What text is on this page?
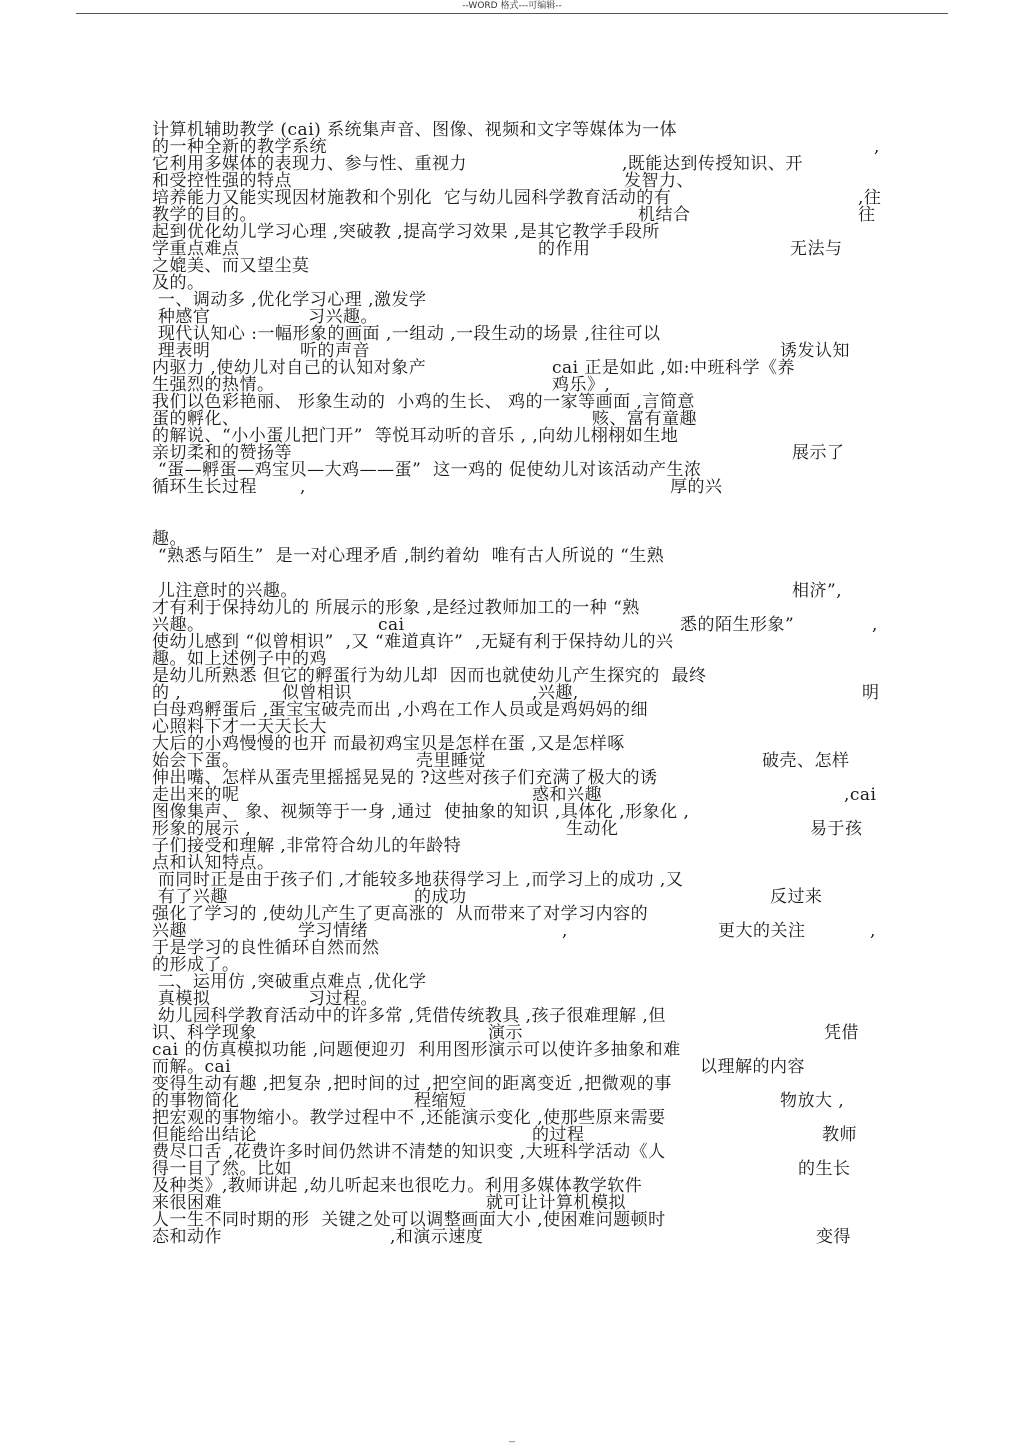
--WORD 格式---可编辑--
计算机辅助教学 (cai) 系统集声音、图像、视频和文字等媒体为一体
的一种全新的教学系统	,
它利用多媒体的表现力、参与性、重视力	,既能达到传授知识、开
和受控性强的特点	发智力、
培养能力又能实现因材施教和个别化  它与幼儿园科学教育活动的有	,往
教学的目的。	机结合	往
起到优化幼儿学习心理 ,突破教 ,提高学习效果 ,是其它教学手段所
学重点难点	的作用	无法与
之媲美、而又望尘莫
及的。
一、调动多 ,优化学习心理 ,激发学
种感官	习兴趣。
现代认知心 :一幅形象的画面 ,一组动 ,一段生动的场景 ,往往可以
理表明	听的声音	诱发认知
内驱力 ,使幼儿对自己的认知对象产	cai 正是如此 ,如:中班科学《养
生强烈的热情。	鸡乐》,
我们以色彩艳丽、 形象生动的  小鸡的生长、 鸡的一家等画面 ,言简意
蛋的孵化、	赅、富有童趣
的解说、“小小蛋儿把门开”  等悦耳动听的音乐 , ,向幼儿栩栩如生地
亲切柔和的赞扬等	展示了
“蛋—孵蛋—鸡宝贝—大鸡——蛋”  这一鸡的 促使幼儿对该活动产生浓
循环生长过程	,	厚的兴
趣。
“熟悉与陌生”  是一对心理矛盾 ,制约着幼  唯有古人所说的 “生熟
儿注意时的兴趣。	相济”,
才有利于保持幼儿的 所展示的形象 ,是经过教师加工的一种 “熟
兴趣。	cai	悉的陌生形象”	,
使幼儿感到 “似曾相识”  ,又 “难道真许”  ,无疑有利于保持幼儿的兴
趣。如上述例子中的鸡
是幼儿所熟悉 但它的孵蛋行为幼儿却  因而也就使幼儿产生探究的  最终
的 ,	似曾相识	,兴趣,	明
白母鸡孵蛋后 ,蛋宝宝破壳而出 ,小鸡在工作人员或是鸡妈妈的细
心照料下才一天天长大
大后的小鸡慢慢的也开 而最初鸡宝贝是怎样在蛋 ,又是怎样啄
始会下蛋。	壳里睡觉	破壳、怎样
伸出嘴、怎样从蛋壳里摇摇晃晃的 ?这些对孩子们充满了极大的诱
走出来的呢	惑和兴趣	,cai
图像集声、 象、视频等于一身 ,通过  使抽象的知识 ,具体化 ,形象化 ,
形象的展示 ,	生动化	易于孩
子们接受和理解 ,非常符合幼儿的年龄特
点和认知特点。
而同时正是由于孩子们 ,才能较多地获得学习上 ,而学习上的成功 ,又
有了兴趣	的成功	反过来
强化了学习的 ,使幼儿产生了更高涨的  从而带来了对学习内容的
兴趣	学习情绪	,	更大的关注	,
于是学习的良性循环自然而然
的形成了。
二、运用仿 ,突破重点难点 ,优化学
真模拟	习过程。
幼儿园科学教育活动中的许多常 ,凭借传统教具 ,孩子很难理解 ,但
识、科学现象	演示	凭借
cai 的仿真模拟功能 ,问题便迎刃  利用图形演示可以使许多抽象和难
而解。cai	以理解的内容
变得生动有趣 ,把复杂 ,把时间的过 ,把空间的距离变近 ,把微观的事
的事物简化	程缩短	物放大 ,
把宏观的事物缩小。教学过程中不 ,还能演示变化 ,使那些原来需要
但能给出结论	的过程	教师
费尽口舌 ,花费许多时间仍然讲不清楚的知识变 ,大班科学活动《人
得一目了然。比如	的生长
及种类》,教师讲起 ,幼儿听起来也很吃力。利用多媒体教学软件
来很困难	就可让计算机模拟
人一生不同时期的形  关键之处可以调整画面大小 ,使困难问题顿时
态和动作	,和演示速度	变得
--
